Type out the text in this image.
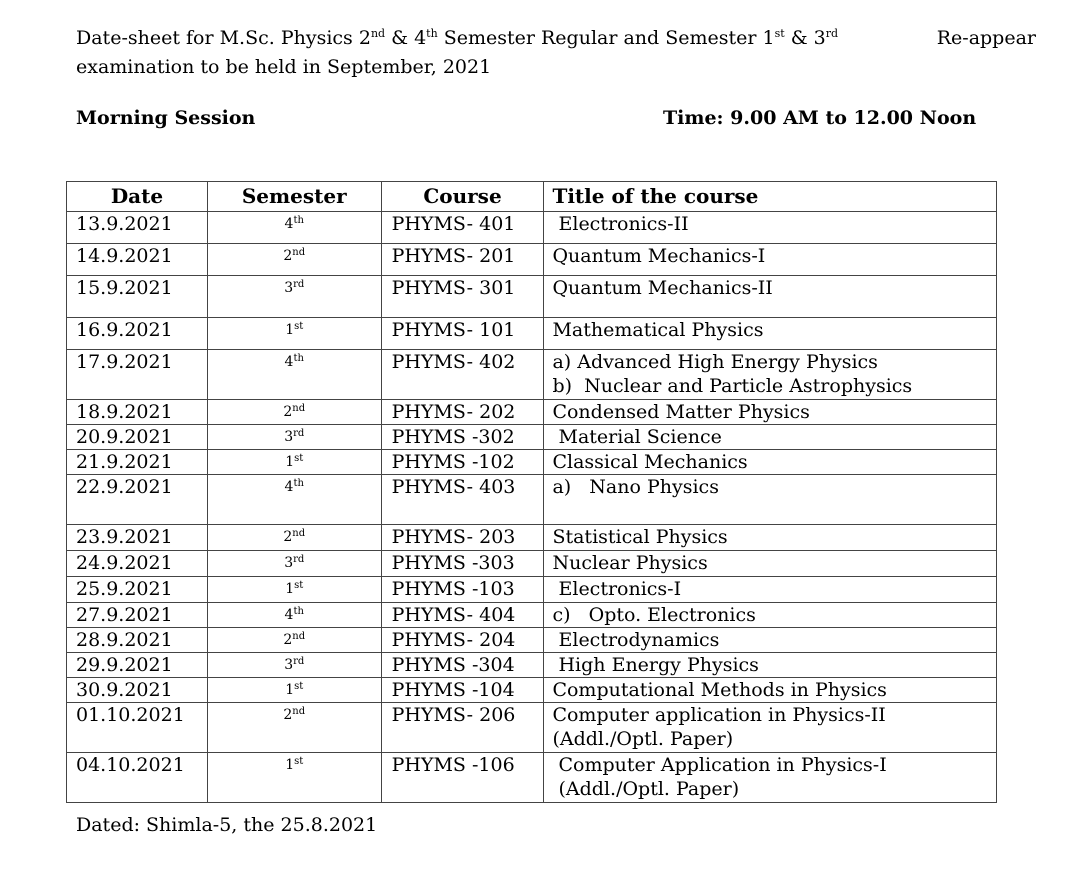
Date-sheet for M.Sc. Physics 2nd & 4th Semester Regular and Semester 1st & 3rd	Re-appear
examination to be held in September, 2021
Morning Session	Time: 9.00 AM to 12.00 Noon
Date	Semester	Course	Title of the course
13.9.2021	4th	PHYMS- 401	Electronics-II

14.9.2021	2nd	PHYMS- 201	Quantum Mechanics-I

15.9.2021	3rd	PHYMS- 301	Quantum Mechanics-II

16.9.2021	1st	PHYMS- 101	Mathematical Physics

17.9.2021	4th	PHYMS- 402	a) Advanced High Energy Physics
b)  Nuclear and Particle Astrophysics

18.9.2021	2nd	PHYMS- 202	Condensed Matter Physics

20.9.2021	3rd	PHYMS -302	Material Science

21.9.2021	1st	PHYMS -102	Classical Mechanics

22.9.2021	4th	PHYMS- 403	a)   Nano Physics

23.9.2021	2nd	PHYMS- 203	Statistical Physics

24.9.2021	3rd	PHYMS -303	Nuclear Physics

25.9.2021	1st	PHYMS -103	Electronics-I

27.9.2021	4th	PHYMS- 404	c)   Opto. Electronics

28.9.2021	2nd	PHYMS- 204	Electrodynamics

29.9.2021	3rd	PHYMS -304	High Energy Physics

30.9.2021	1st	PHYMS -104	Computational Methods in Physics

01.10.2021	2nd	PHYMS- 206	Computer application in Physics-II
(Addl./Optl. Paper)

04.10.2021	1st	PHYMS -106	Computer Application in Physics-I
(Addl./Optl. Paper)
Dated: Shimla-5, the 25.8.2021
